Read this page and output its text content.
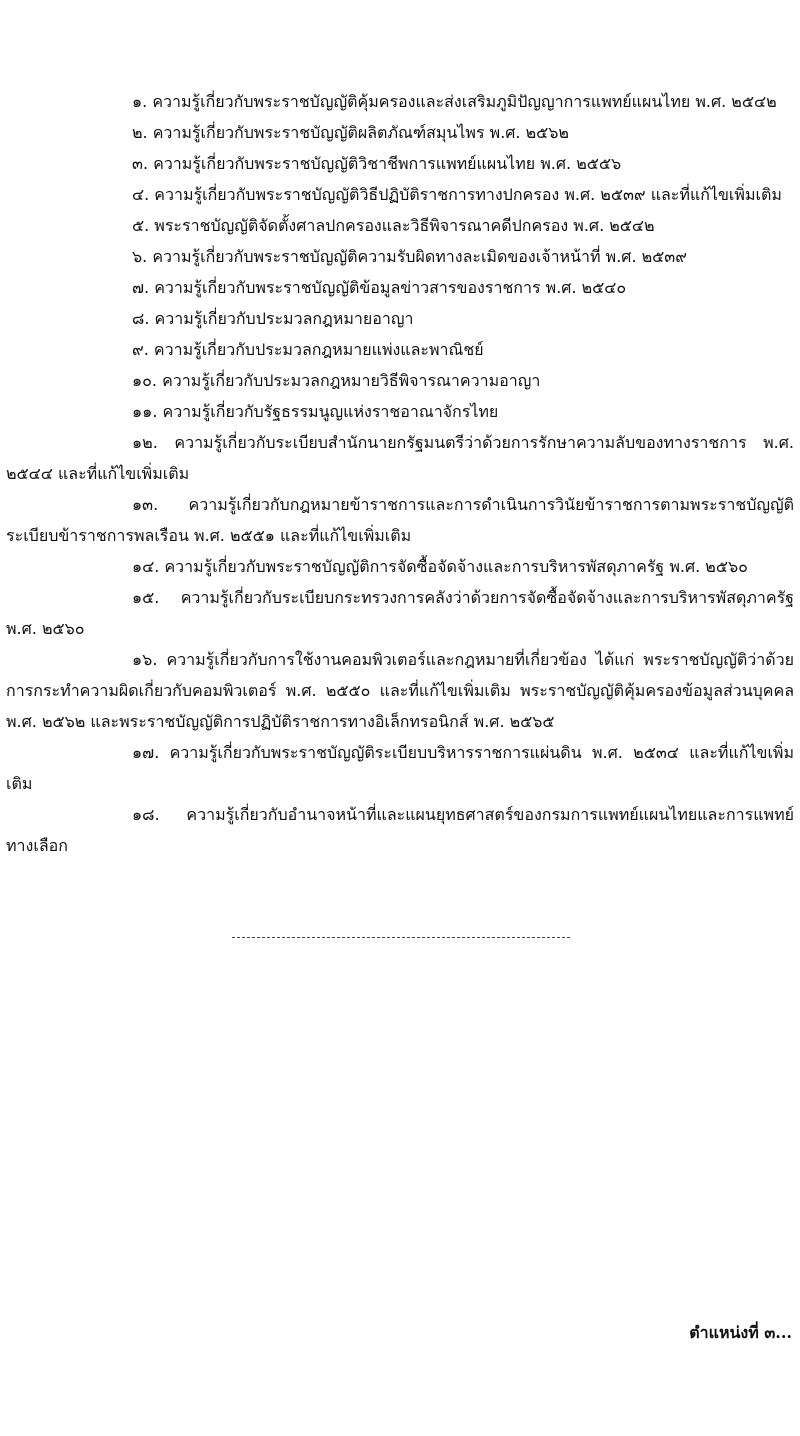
๑. ความรู้เกี่ยวกับพระราชบัญญัติคุ้มครองและส่งเสริมภูมิปัญญาการแพทย์แผนไทย พ.ศ. ๒๕๔๒
๒. ความรู้เกี่ยวกับพระราชบัญญัติผลิตภัณฑ์สมุนไพร พ.ศ. ๒๕๖๒
๓. ความรู้เกี่ยวกับพระราชบัญญัติวิชาชีพการแพทย์แผนไทย พ.ศ. ๒๕๕๖
๔. ความรู้เกี่ยวกับพระราชบัญญัติวิธีปฏิบัติราชการทางปกครอง พ.ศ. ๒๕๓๙ และที่แก้ไขเพิ่มเติม
๕. พระราชบัญญัติจัดตั้งศาลปกครองและวิธีพิจารณาคดีปกครอง พ.ศ. ๒๕๔๒
๖. ความรู้เกี่ยวกับพระราชบัญญัติความรับผิดทางละเมิดของเจ้าหน้าที่ พ.ศ. ๒๕๓๙
๗. ความรู้เกี่ยวกับพระราชบัญญัติข้อมูลข่าวสารของราชการ พ.ศ. ๒๕๔๐
๘. ความรู้เกี่ยวกับประมวลกฎหมายอาญา
๙. ความรู้เกี่ยวกับประมวลกฎหมายแพ่งและพาณิชย์
๑๐. ความรู้เกี่ยวกับประมวลกฎหมายวิธีพิจารณาความอาญา
๑๑. ความรู้เกี่ยวกับรัฐธรรมนูญแห่งราชอาณาจักรไทย
๑๒. ความรู้เกี่ยวกับระเบียบสำนักนายกรัฐมนตรีว่าด้วยการรักษาความลับของทางราชการ พ.ศ. ๒๕๔๔ และที่แก้ไขเพิ่มเติม
๑๓. ความรู้เกี่ยวกับกฎหมายข้าราชการและการดำเนินการวินัยข้าราชการตามพระราชบัญญัติระเบียบข้าราชการพลเรือน พ.ศ. ๒๕๕๑ และที่แก้ไขเพิ่มเติม
๑๔. ความรู้เกี่ยวกับพระราชบัญญัติการจัดซื้อจัดจ้างและการบริหารพัสดุภาครัฐ พ.ศ. ๒๕๖๐
๑๕. ความรู้เกี่ยวกับระเบียบกระทรวงการคลังว่าด้วยการจัดซื้อจัดจ้างและการบริหารพัสดุภาครัฐ พ.ศ. ๒๕๖๐
๑๖. ความรู้เกี่ยวกับการใช้งานคอมพิวเตอร์และกฎหมายที่เกี่ยวข้อง ได้แก่ พระราชบัญญัติว่าด้วยการกระทำความผิดเกี่ยวกับคอมพิวเตอร์ พ.ศ. ๒๕๕๐ และที่แก้ไขเพิ่มเติม พระราชบัญญัติคุ้มครองข้อมูลส่วนบุคคล พ.ศ. ๒๕๖๒ และพระราชบัญญัติการปฏิบัติราชการทางอิเล็กทรอนิกส์ พ.ศ. ๒๕๖๕
๑๗. ความรู้เกี่ยวกับพระราชบัญญัติระเบียบบริหารราชการแผ่นดิน พ.ศ. ๒๕๓๔ และที่แก้ไขเพิ่มเติม
๑๘. ความรู้เกี่ยวกับอำนาจหน้าที่และแผนยุทธศาสตร์ของกรมการแพทย์แผนไทยและการแพทย์ทางเลือก
ตำแหน่งที่ ๓...
